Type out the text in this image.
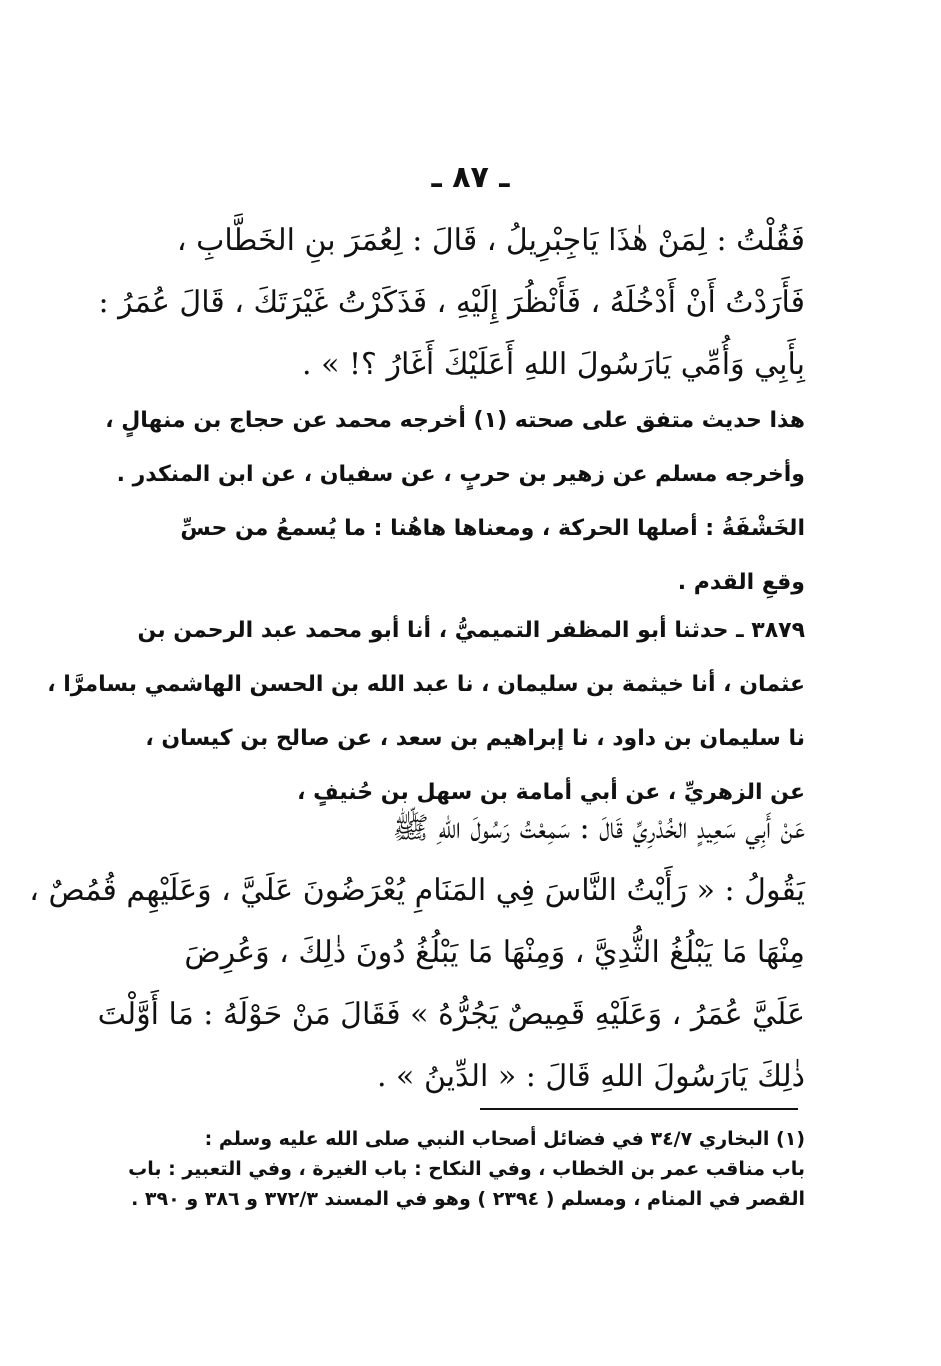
ـ ٨٧ ـ
فَقُلْتُ : لِمَنْ هٰذَا يَاجِبْرِيلُ ، قَالَ : لِعُمَرَ بنِ الخَطَّابِ ،
فَأَرَدْتُ أَنْ أَدْخُلَهُ ، فَأَنْظُرَ إِلَيْهِ ، فَذَكَرْتُ غَيْرَتَكَ ، قَالَ عُمَرُ :
بِأَبِي وَأُمِّي يَارَسُولَ اللهِ أَعَلَيْكَ أَغَارُ ؟! » .
هذا حديث متفق على صحته (١) أخرجه محمد عن حجاج بن منهالٍ ،
وأخرجه مسلم عن زهير بن حربٍ ، عن سفيان ، عن ابن المنكدر .
الخَشْفَةُ : أصلها الحركة ، ومعناها هاهُنا : ما يُسمعُ من حسِّ
وقعِ القدم .
٣٨٧٩ ـ حدثنا أبو المظفر التميميُّ ، أنا أبو محمد عبد الرحمن بن
عثمان ، أنا خيثمة بن سليمان ، نا عبد الله بن الحسن الهاشمي بسامرَّا ،
نا سليمان بن داود ، نا إبراهيم بن سعد ، عن صالح بن كيسان ،
عن الزهريِّ ، عن أبي أمامة بن سهل بن حُنيفٍ ،
عَنْ أَبِي سَعِيدٍ الخُدْرِيِّ قَالَ : سَمِعْتُ رَسُولَ اللهِ ﷺ
يَقُولُ : « رَأَيْتُ النَّاسَ فِي المَنَامِ يُعْرَضُونَ عَلَيَّ ، وَعَلَيْهِم قُمُصٌ ،
مِنْهَا مَا يَبْلُغُ الثُّدِيَّ ، وَمِنْهَا مَا يَبْلُغُ دُونَ ذٰلِكَ ، وَعُرِضَ
عَلَيَّ عُمَرُ ، وَعَلَيْهِ قَمِيصٌ يَجُرُّهُ » فَقَالَ مَنْ حَوْلَهُ : مَا أَوَّلْتَ
ذٰلِكَ يَارَسُولَ اللهِ قَالَ : « الدِّينُ » .
(١) البخاري ٣٤/٧ في فضائل أصحاب النبي صلى الله عليه وسلم :
باب مناقب عمر بن الخطاب ، وفي النكاح : باب الغيرة ، وفي التعبير : باب
القصر في المنام ، ومسلم ( ٢٣٩٤ ) وهو في المسند ٣٧٢/٣ و ٣٨٦ و ٣٩٠ .
